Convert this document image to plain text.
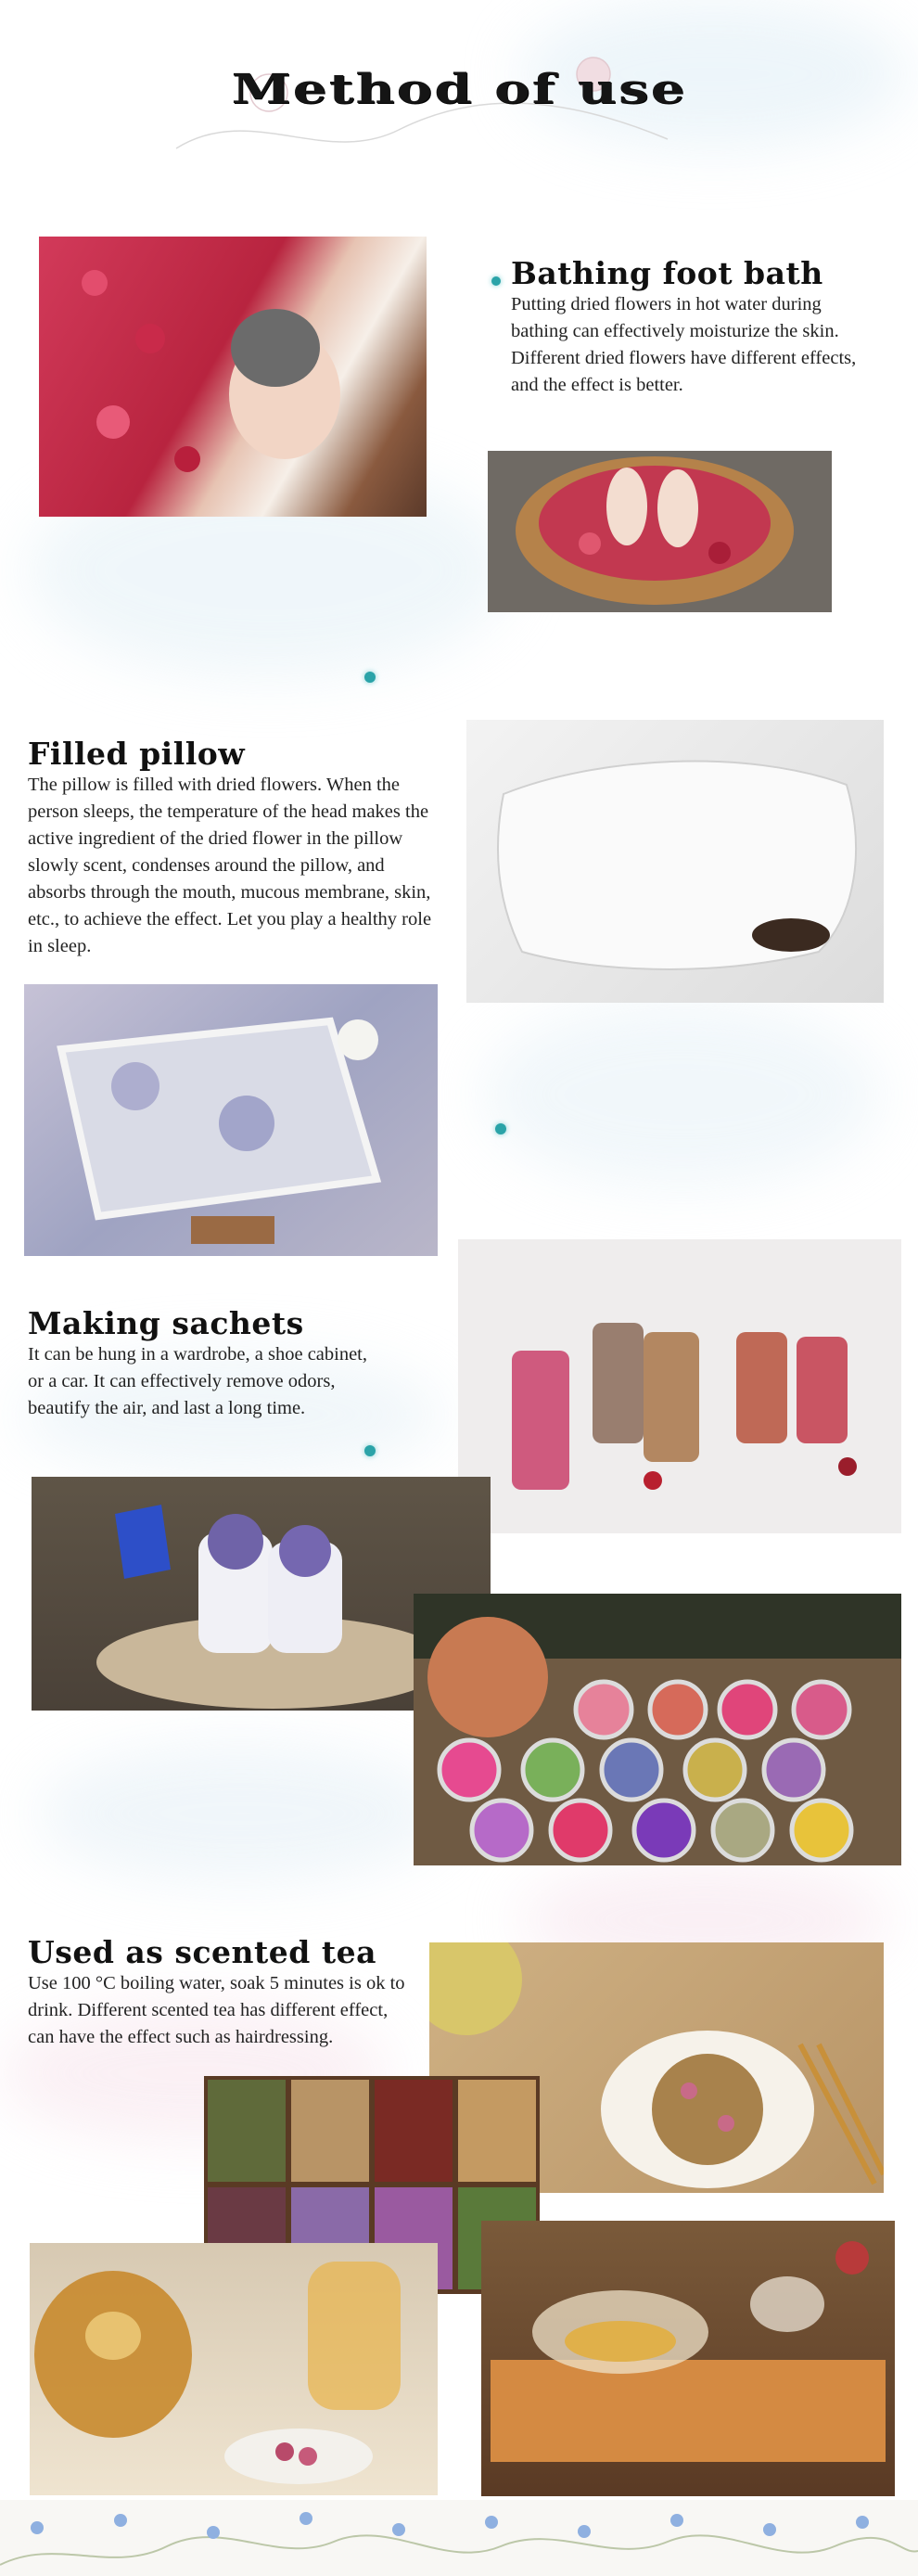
Method of use
Bathing foot bath

Putting dried flowers in hot water during bathing can effectively moisturize the skin. Different dried flowers have different effects, and the effect is better.

Filled pillow

The pillow is filled with dried flowers. When the person sleeps, the temperature of the head makes the active ingredient of the dried flower in the pillow slowly scent, condenses around the pillow, and absorbs through the mouth, mucous membrane, skin, etc., to achieve the effect. Let you play a healthy role in sleep.

Making sachets

It can be hung in a wardrobe, a shoe cabinet, or a car. It can effectively remove odors, beautify the air, and last a long time.

Used as scented tea

Use 100 °C boiling water, soak 5 minutes is ok to drink. Different scented tea has different effect, can have the effect such as hairdressing.
